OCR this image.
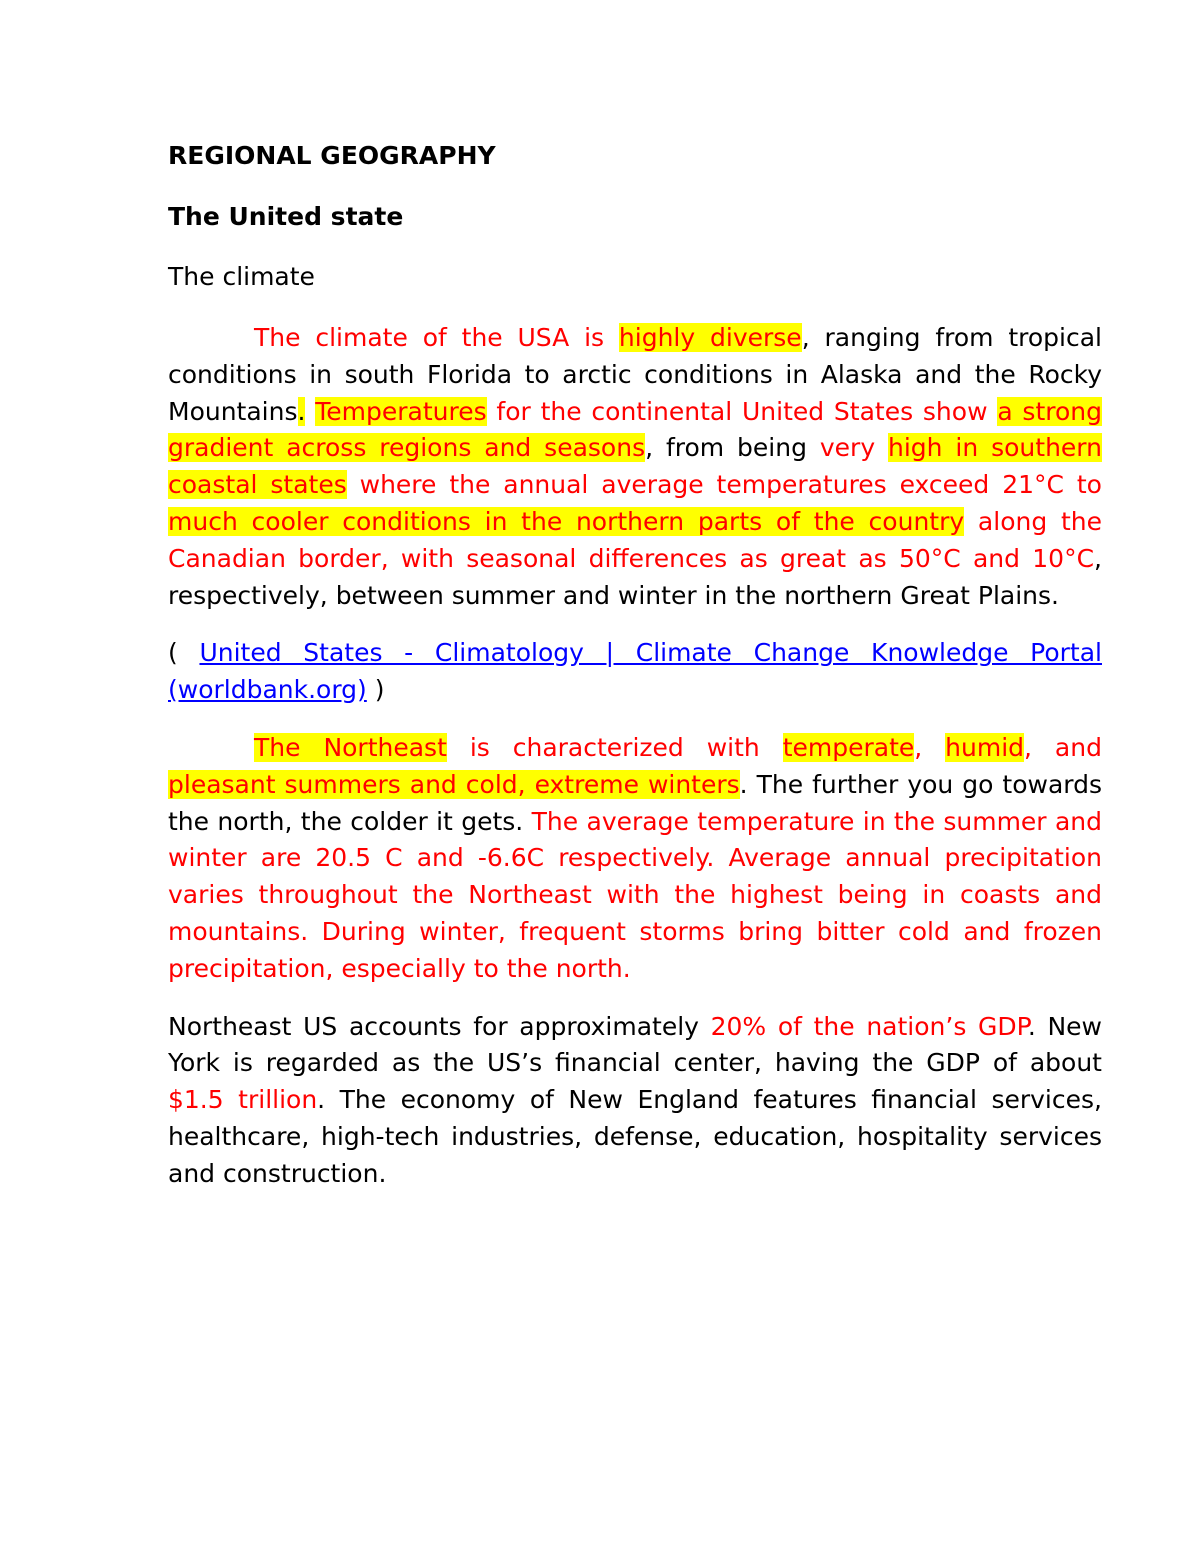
REGIONAL GEOGRAPHY
The United state
The climate

The climate of the USA is highly diverse, ranging from tropical conditions in south Florida to arctic conditions in Alaska and the Rocky Mountains. Temperatures for the continental United States show a strong gradient across regions and seasons, from being very high in southern coastal states where the annual average temperatures exceed 21°C to much cooler conditions in the northern parts of the country along the Canadian border, with seasonal differences as great as 50°C and 10°C, respectively, between summer and winter in the northern Great Plains.

( United States - Climatology | Climate Change Knowledge Portal (worldbank.org) )

The Northeast is characterized with temperate, humid, and pleasant summers and cold, extreme winters. The further you go towards the north, the colder it gets. The average temperature in the summer and winter are 20.5 C and -6.6C respectively. Average annual precipitation varies throughout the Northeast with the highest being in coasts and mountains. During winter, frequent storms bring bitter cold and frozen precipitation, especially to the north.

Northeast US accounts for approximately 20% of the nation’s GDP. New York is regarded as the US’s financial center, having the GDP of about $1.5 trillion. The economy of New England features financial services, healthcare, high-tech industries, defense, education, hospitality services and construction.
